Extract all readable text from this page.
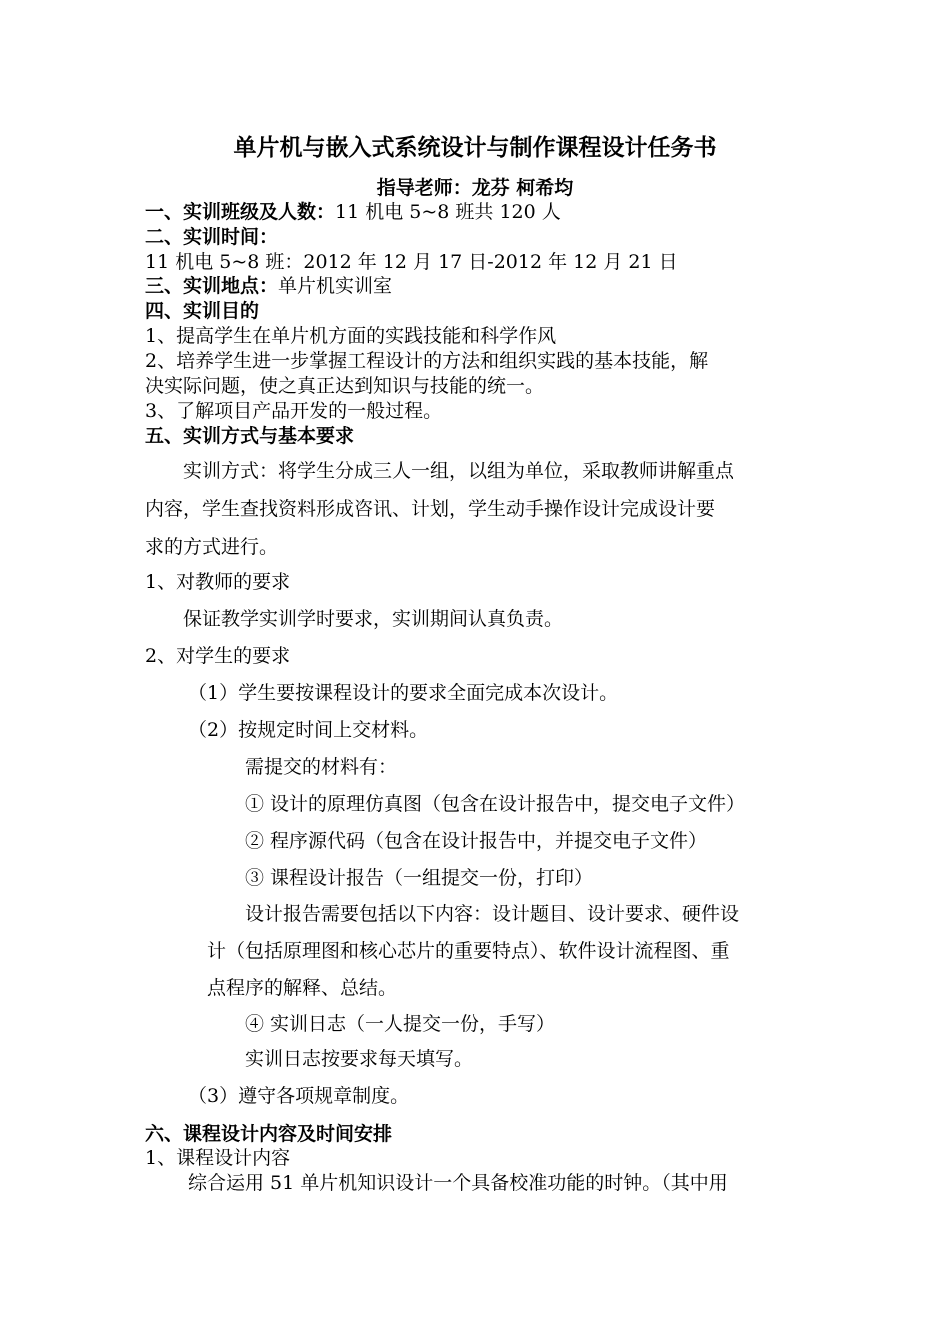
单片机与嵌入式系统设计与制作课程设计任务书
指导老师：龙芬 柯希均
一、实训班级及人数：11 机电 5~8 班共 120 人
二、实训时间：
11 机电 5~8 班：2012 年 12 月 17 日-2012 年 12 月 21 日
三、实训地点：单片机实训室
四、实训目的
1、提高学生在单片机方面的实践技能和科学作风
2、培养学生进一步掌握工程设计的方法和组织实践的基本技能，解
决实际问题，使之真正达到知识与技能的统一。
3、了解项目产品开发的一般过程。
五、实训方式与基本要求
实训方式：将学生分成三人一组，以组为单位，采取教师讲解重点
内容，学生查找资料形成咨讯、计划，学生动手操作设计完成设计要
求的方式进行。
1、对教师的要求
保证教学实训学时要求，实训期间认真负责。
2、对学生的要求
（1）学生要按课程设计的要求全面完成本次设计。
（2）按规定时间上交材料。
需提交的材料有：
① 设计的原理仿真图（包含在设计报告中，提交电子文件）
② 程序源代码（包含在设计报告中，并提交电子文件）
③ 课程设计报告（一组提交一份，打印）
设计报告需要包括以下内容：设计题目、设计要求、硬件设
计（包括原理图和核心芯片的重要特点）、软件设计流程图、重
点程序的解释、总结。
④ 实训日志（一人提交一份，手写）
实训日志按要求每天填写。
（3）遵守各项规章制度。
六、课程设计内容及时间安排
1、课程设计内容
综合运用 51 单片机知识设计一个具备校准功能的时钟。（其中用
